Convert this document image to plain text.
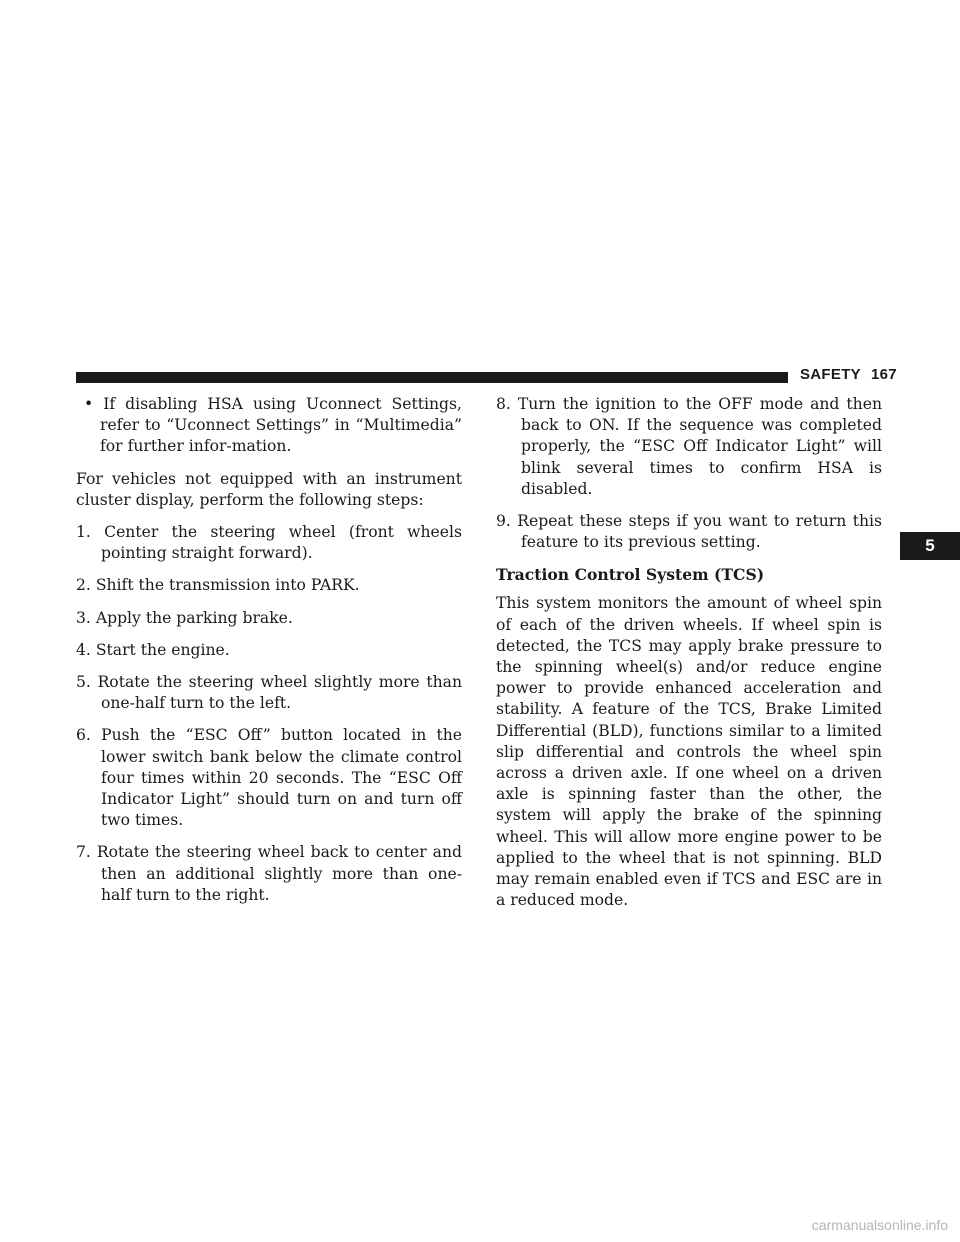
SAFETY 167
5

• If disabling HSA using Uconnect Settings, refer to “Uconnect Settings” in “Multimedia” for further infor-mation.

For vehicles not equipped with an instrument cluster display, perform the following steps:

1. Center the steering wheel (front wheels pointing straight forward).

2. Shift the transmission into PARK.

3. Apply the parking brake.

4. Start the engine.

5. Rotate the steering wheel slightly more than one-half turn to the left.

6. Push the “ESC Off” button located in the lower switch bank below the climate control four times within 20 seconds. The “ESC Off Indicator Light” should turn on and turn off two times.

7. Rotate the steering wheel back to center and then an additional slightly more than one-half turn to the right.

8. Turn the ignition to the OFF mode and then back to ON. If the sequence was completed properly, the “ESC Off Indicator Light” will blink several times to confirm HSA is disabled.

9. Repeat these steps if you want to return this feature to its previous setting.

Traction Control System (TCS)

This system monitors the amount of wheel spin of each of the driven wheels. If wheel spin is detected, the TCS may apply brake pressure to the spinning wheel(s) and/or reduce engine power to provide enhanced acceleration and stability. A feature of the TCS, Brake Limited Differential (BLD), functions similar to a limited slip differential and controls the wheel spin across a driven axle. If one wheel on a driven axle is spinning faster than the other, the system will apply the brake of the spinning wheel. This will allow more engine power to be applied to the wheel that is not spinning. BLD may remain enabled even if TCS and ESC are in a reduced mode.

carmanualsonline.info
